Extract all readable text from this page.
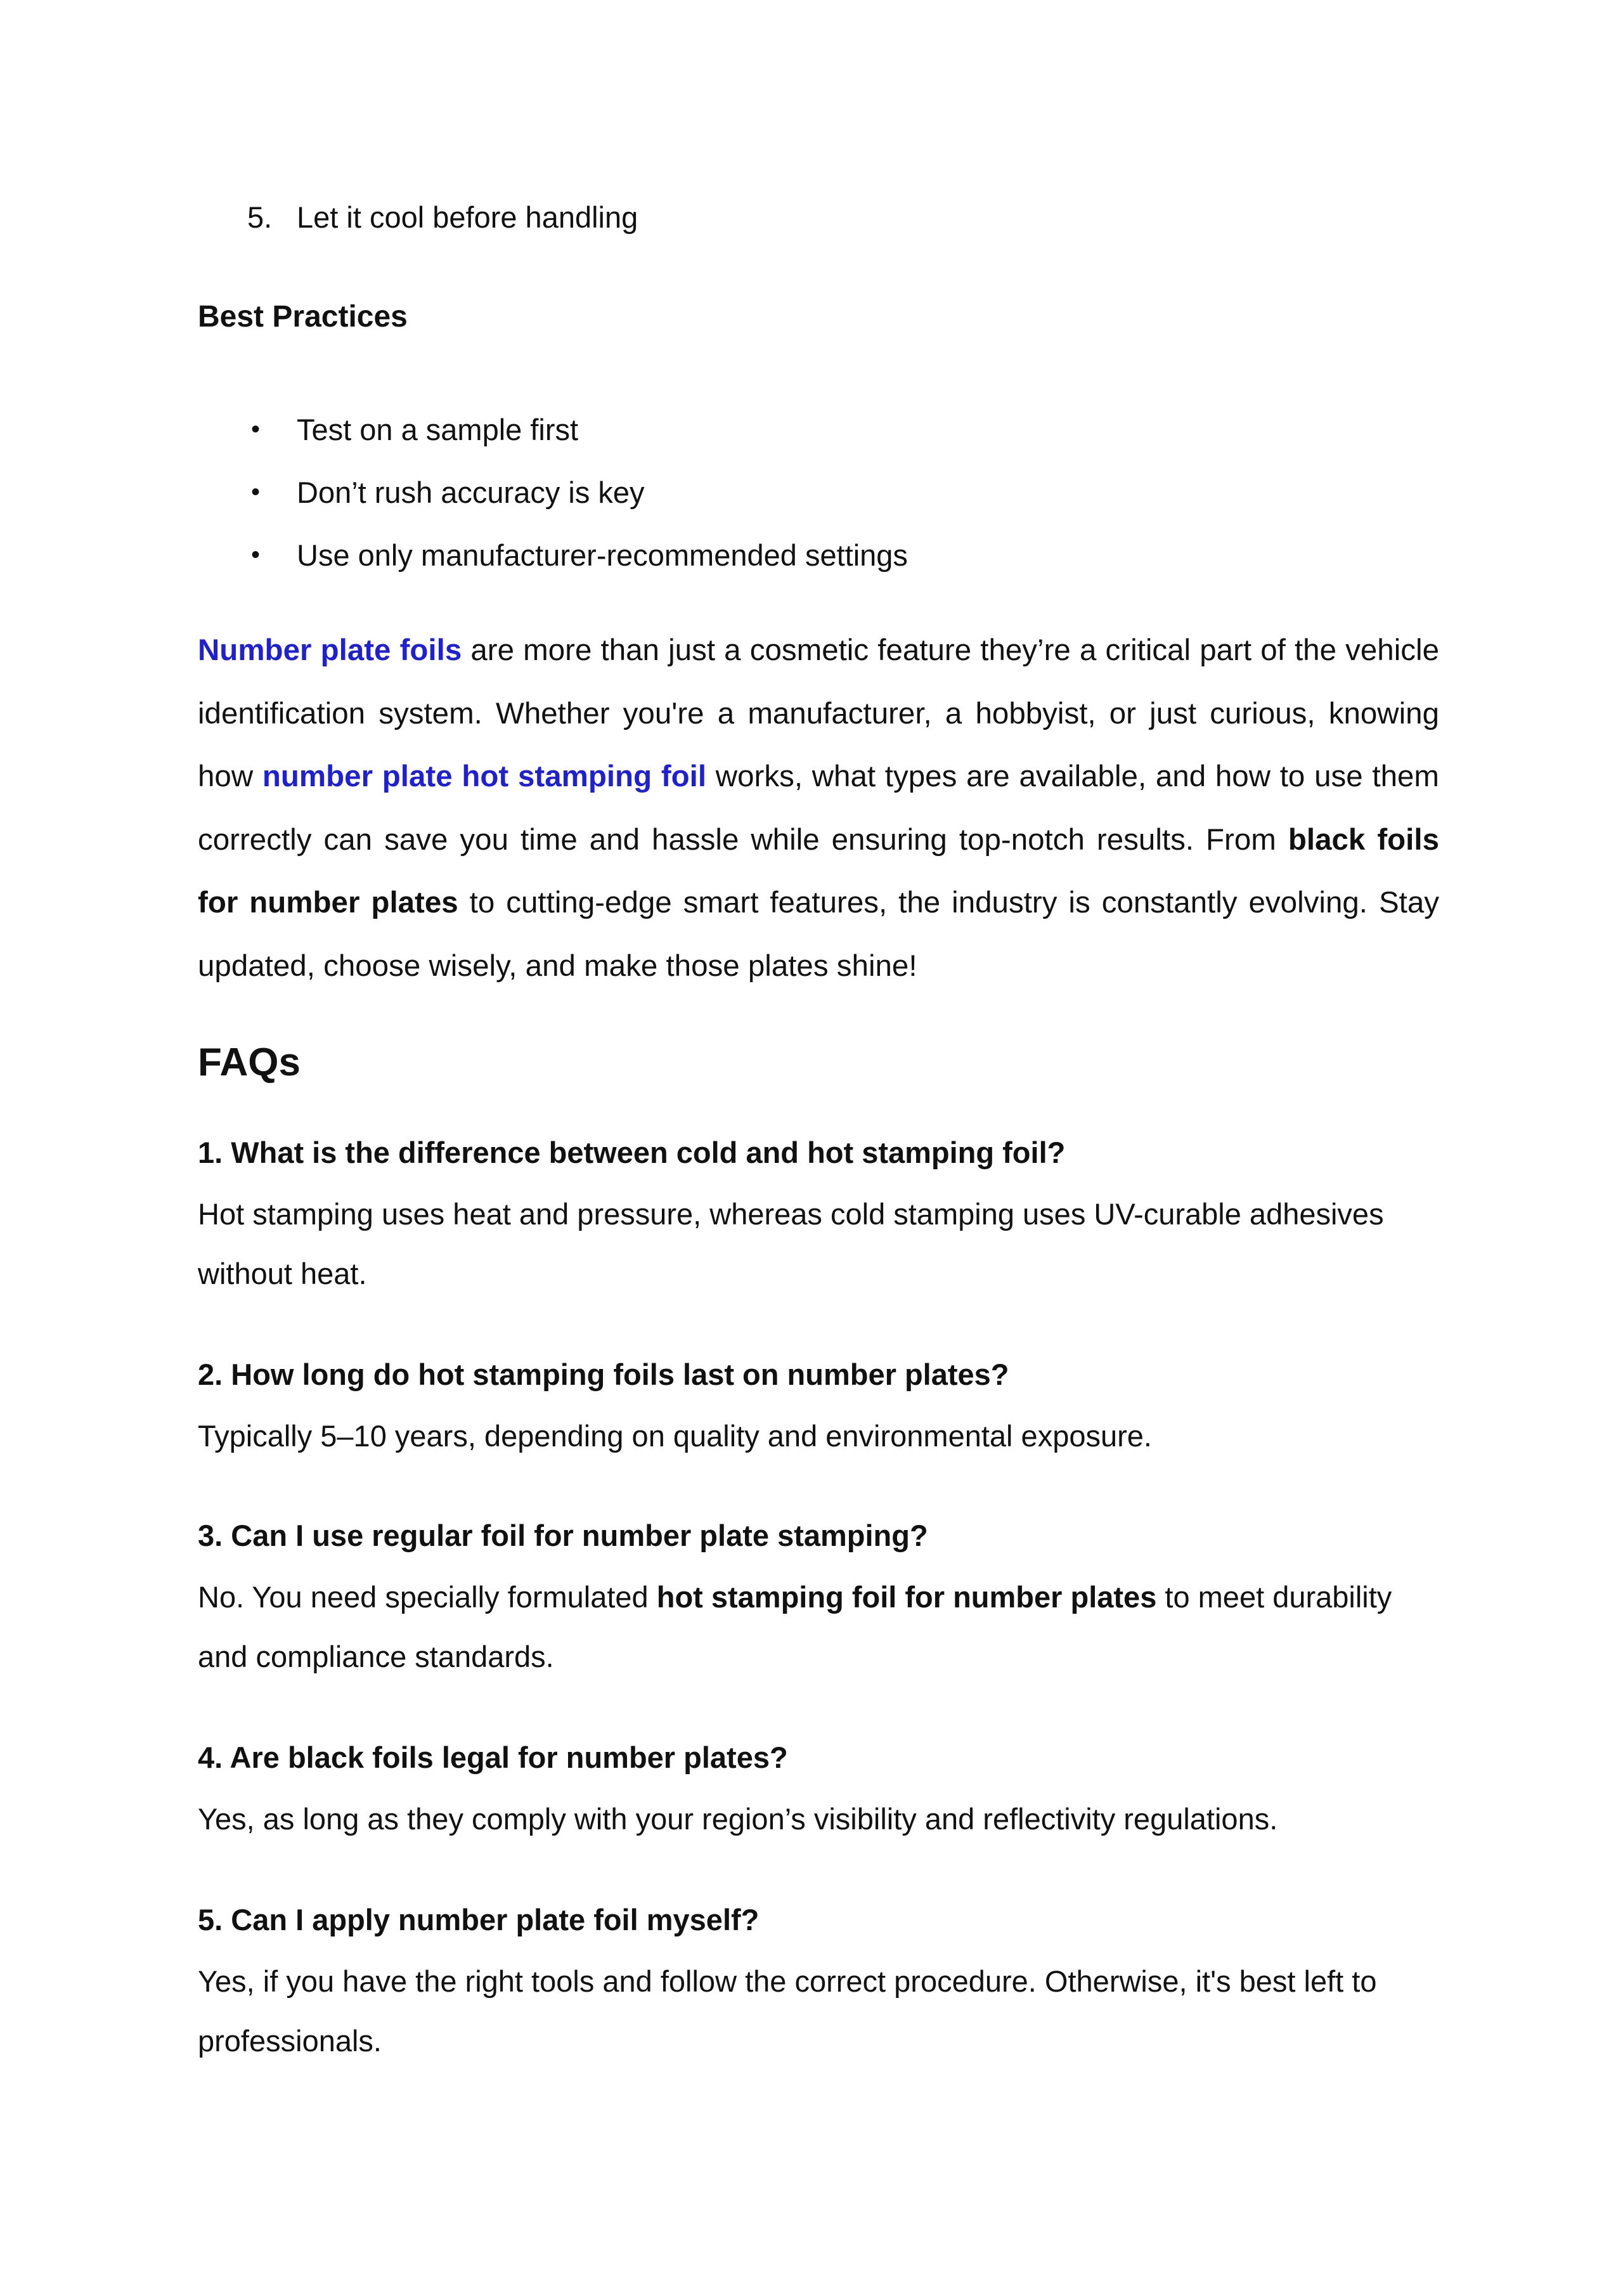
5. Let it cool before handling
Best Practices
•	Test on a sample first
•	Don’t rush accuracy is key
•	Use only manufacturer-recommended settings

Number plate foils are more than just a cosmetic feature they’re a critical part of the vehicle identification system. Whether you're a manufacturer, a hobbyist, or just curious, knowing how number plate hot stamping foil works, what types are available, and how to use them correctly can save you time and hassle while ensuring top-notch results. From black foils for number plates to cutting-edge smart features, the industry is constantly evolving. Stay updated, choose wisely, and make those plates shine!

FAQs

1. What is the difference between cold and hot stamping foil?

Hot stamping uses heat and pressure, whereas cold stamping uses UV-curable adhesives without heat.

2. How long do hot stamping foils last on number plates?

Typically 5–10 years, depending on quality and environmental exposure.

3. Can I use regular foil for number plate stamping?

No. You need specially formulated hot stamping foil for number plates to meet durability and compliance standards.

4. Are black foils legal for number plates?

Yes, as long as they comply with your region’s visibility and reflectivity regulations.

5. Can I apply number plate foil myself?

Yes, if you have the right tools and follow the correct procedure. Otherwise, it's best left to professionals.
